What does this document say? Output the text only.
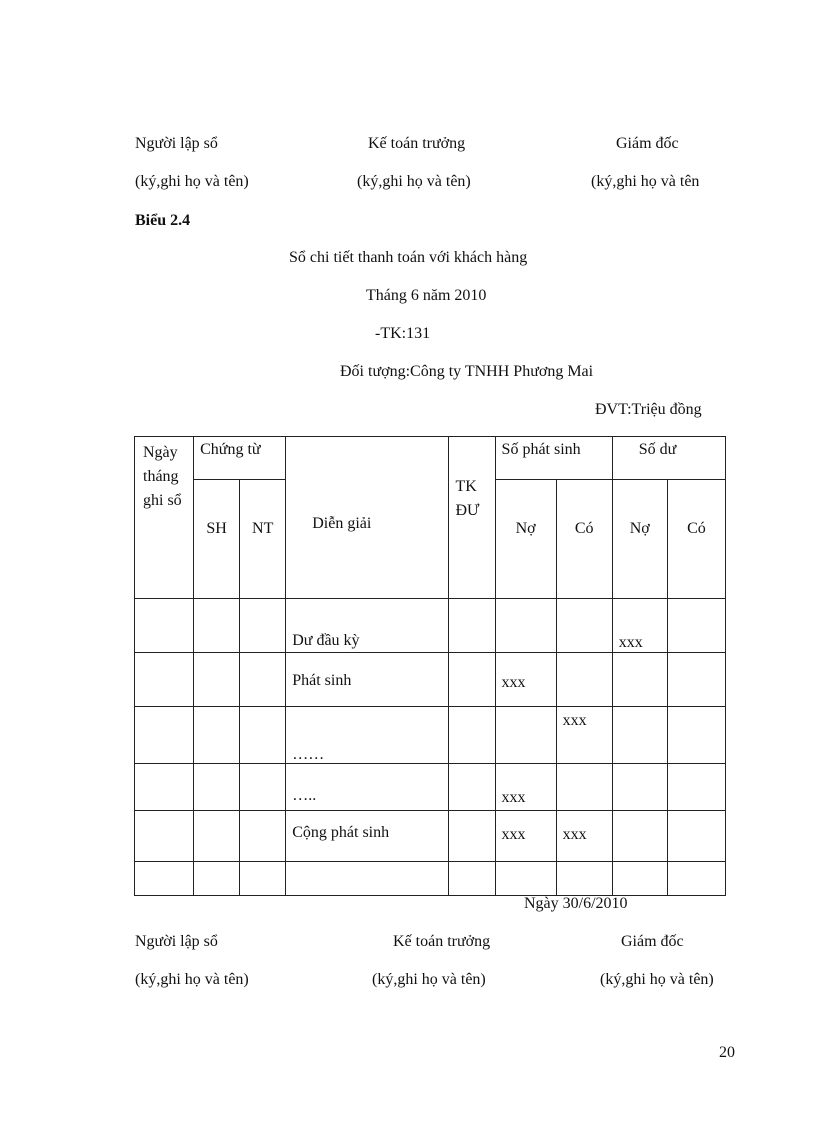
Người lập sổ	Kế toán trưởng	Giám đốc
(ký,ghi họ và tên)	(ký,ghi họ và tên)	(ký,ghi họ và tên
Biểu 2.4
Sổ chi tiết thanh toán với khách hàng
Tháng 6 năm 2010
-TK:131
Đối tượng:Công ty TNHH Phương Mai
ĐVT:Triệu đồng
Ngày tháng ghi sổ	Chứng từ		Diễn giải	TK ĐƯ	Số phát sinh		Số dư	

	SH	NT			Nợ	Có	Nợ	Có

			Dư đầu kỳ				xxx	

			Phát sinh		xxx			

			……			xxx		

			…..		xxx			

			Cộng phát sinh		xxx	xxx		

Ngày 30/6/2010
Người lập sổ	Kế toán trưởng	Giám đốc
(ký,ghi họ và tên)	(ký,ghi họ và tên)	(ký,ghi họ và tên)
20
